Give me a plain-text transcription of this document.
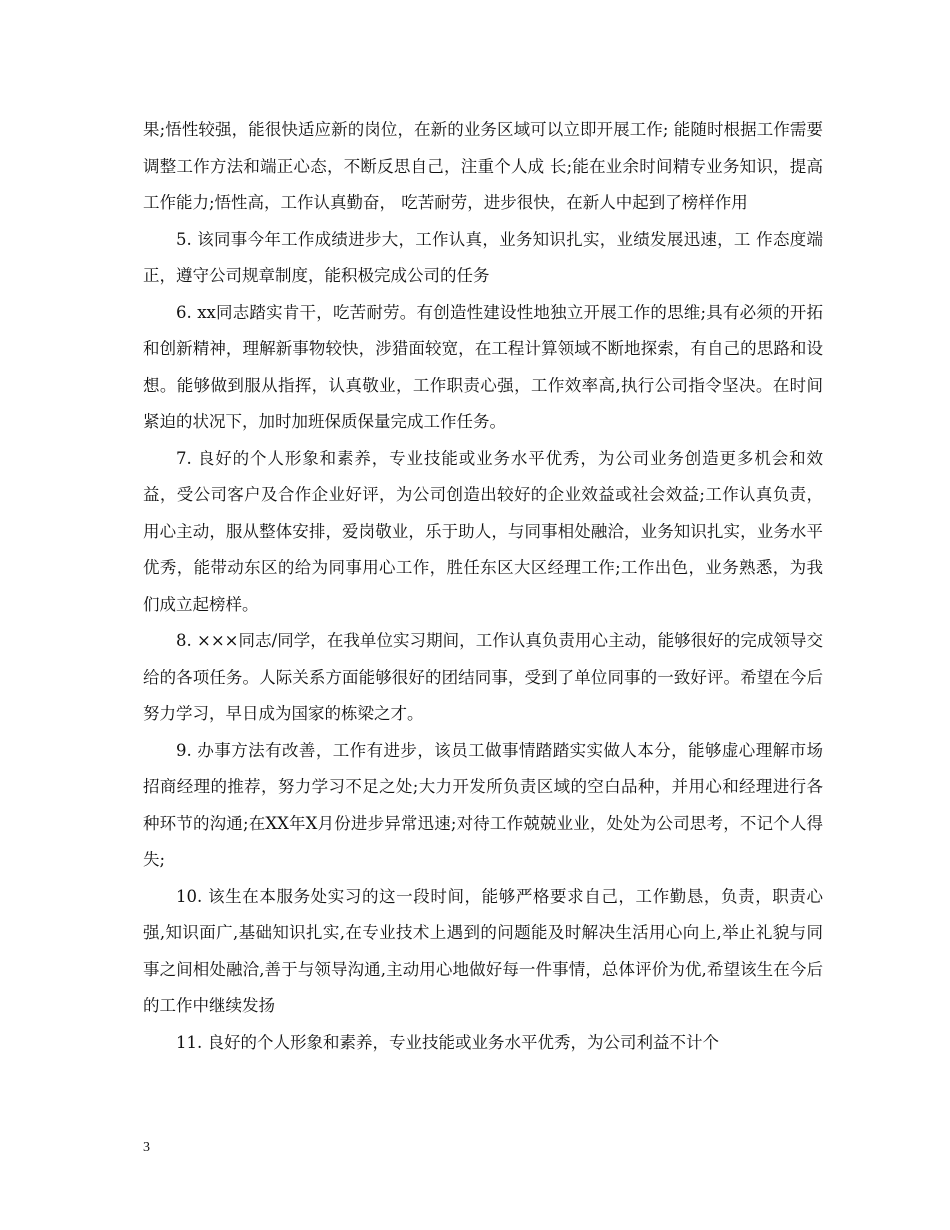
果;悟性较强，能很快适应新的岗位，在新的业务区域可以立即开展工作; 能随时根据工作需要调整工作方法和端正心态，不断反思自己，注重个人成 长;能在业余时间精专业务知识，提高工作能力;悟性高，工作认真勤奋， 吃苦耐劳，进步很快，在新人中起到了榜样作用

5. 该同事今年工作成绩进步大，工作认真，业务知识扎实，业绩发展迅速，工 作态度端正，遵守公司规章制度，能积极完成公司的任务

6. xx同志踏实肯干，吃苦耐劳。有创造性建设性地独立开展工作的思维;具有必须的开拓和创新精神，理解新事物较快，涉猎面较宽，在工程计算领域不断地探索，有自己的思路和设想。能够做到服从指挥，认真敬业，工作职责心强，工作效率高,执行公司指令坚决。在时间紧迫的状况下，加时加班保质保量完成工作任务。

7. 良好的个人形象和素养，专业技能或业务水平优秀，为公司业务创造更多机会和效益，受公司客户及合作企业好评，为公司创造出较好的企业效益或社会效益;工作认真负责，用心主动，服从整体安排，爱岗敬业，乐于助人，与同事相处融洽，业务知识扎实，业务水平优秀，能带动东区的给为同事用心工作，胜任东区大区经理工作;工作出色，业务熟悉，为我们成立起榜样。

8. ×××同志/同学，在我单位实习期间，工作认真负责用心主动，能够很好的完成领导交给的各项任务。人际关系方面能够很好的团结同事，受到了单位同事的一致好评。希望在今后努力学习，早日成为国家的栋梁之才。

9. 办事方法有改善，工作有进步，该员工做事情踏踏实实做人本分，能够虚心理解市场招商经理的推荐，努力学习不足之处;大力开发所负责区域的空白品种，并用心和经理进行各种环节的沟通;在XX年X月份进步异常迅速;对待工作兢兢业业，处处为公司思考，不记个人得失;

10. 该生在本服务处实习的这一段时间，能够严格要求自己，工作勤恳，负责，职责心强,知识面广,基础知识扎实,在专业技术上遇到的问题能及时解决生活用心向上,举止礼貌与同事之间相处融洽,善于与领导沟通,主动用心地做好每一件事情，总体评价为优,希望该生在今后的工作中继续发扬

11. 良好的个人形象和素养，专业技能或业务水平优秀，为公司利益不计个

3
